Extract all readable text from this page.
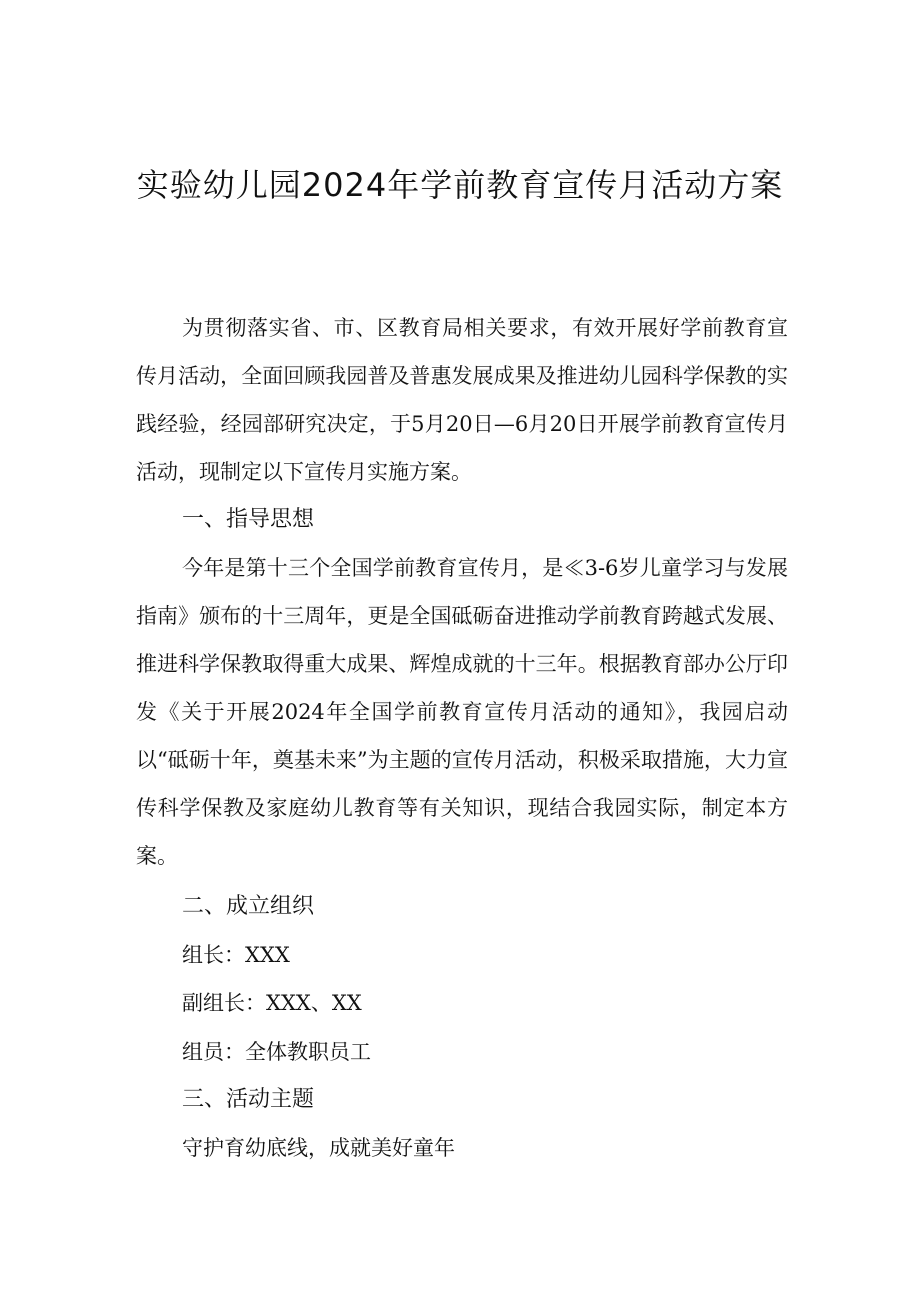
实验幼儿园2024年学前教育宣传月活动方案

为贯彻落实省、市、区教育局相关要求，有效开展好学前教育宣传月活动，全面回顾我园普及普惠发展成果及推进幼儿园科学保教的实践经验，经园部研究决定，于5月20日—6月20日开展学前教育宣传月活动，现制定以下宣传月实施方案。

一、指导思想

今年是第十三个全国学前教育宣传月，是≪3-6岁儿童学习与发展指南》颁布的十三周年，更是全国砥砺奋进推动学前教育跨越式发展、推进科学保教取得重大成果、辉煌成就的十三年。根据教育部办公厅印发《关于开展2024年全国学前教育宣传月活动的通知》，我园启动以“砥砺十年，奠基未来”为主题的宣传月活动，积极采取措施，大力宣传科学保教及家庭幼儿教育等有关知识，现结合我园实际，制定本方案。

二、成立组织

组长：XXX

副组长：XXX、XX

组员：全体教职员工

三、活动主题

守护育幼底线，成就美好童年
